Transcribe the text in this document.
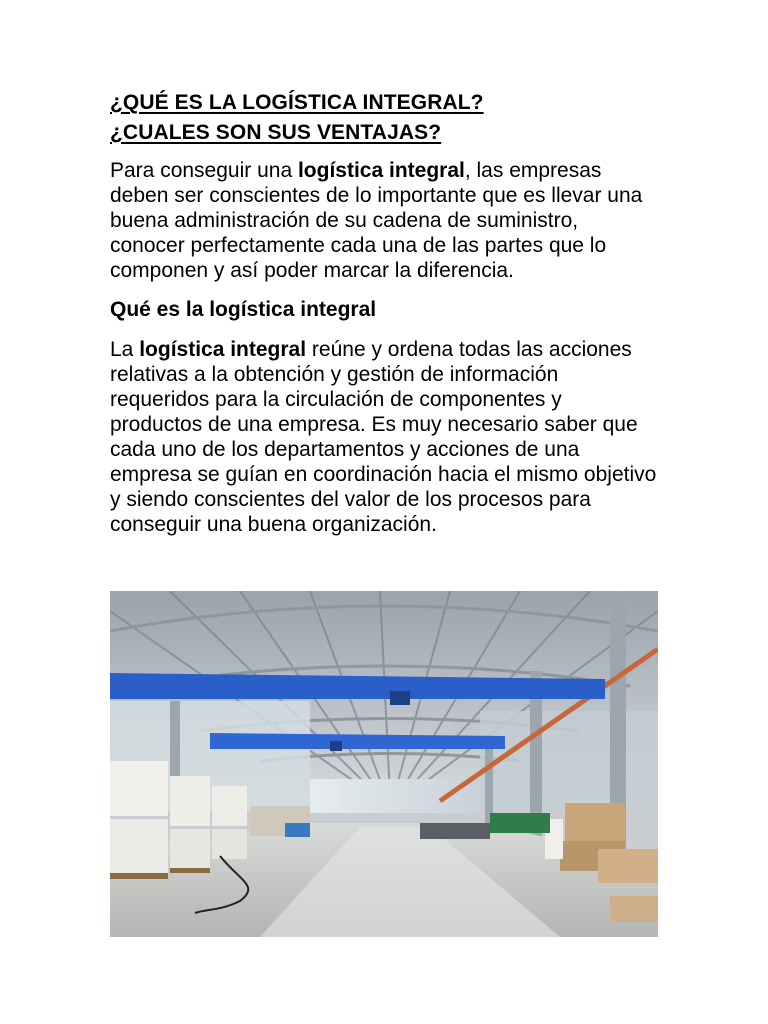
¿QUÉ ES LA LOGÍSTICA INTEGRAL?
¿CUALES SON SUS VENTAJAS?

Para conseguir una logística integral, las empresas deben ser conscientes de lo importante que es llevar una buena administración de su cadena de suministro, conocer perfectamente cada una de las partes que lo componen y así poder marcar la diferencia.

Qué es la logística integral

La logística integral reúne y ordena todas las acciones relativas a la obtención y gestión de información requeridos para la circulación de componentes y productos de una empresa. Es muy necesario saber que cada uno de los departamentos y acciones de una empresa se guían en coordinación hacia el mismo objetivo y siendo conscientes del valor de los procesos para conseguir una buena organización.
